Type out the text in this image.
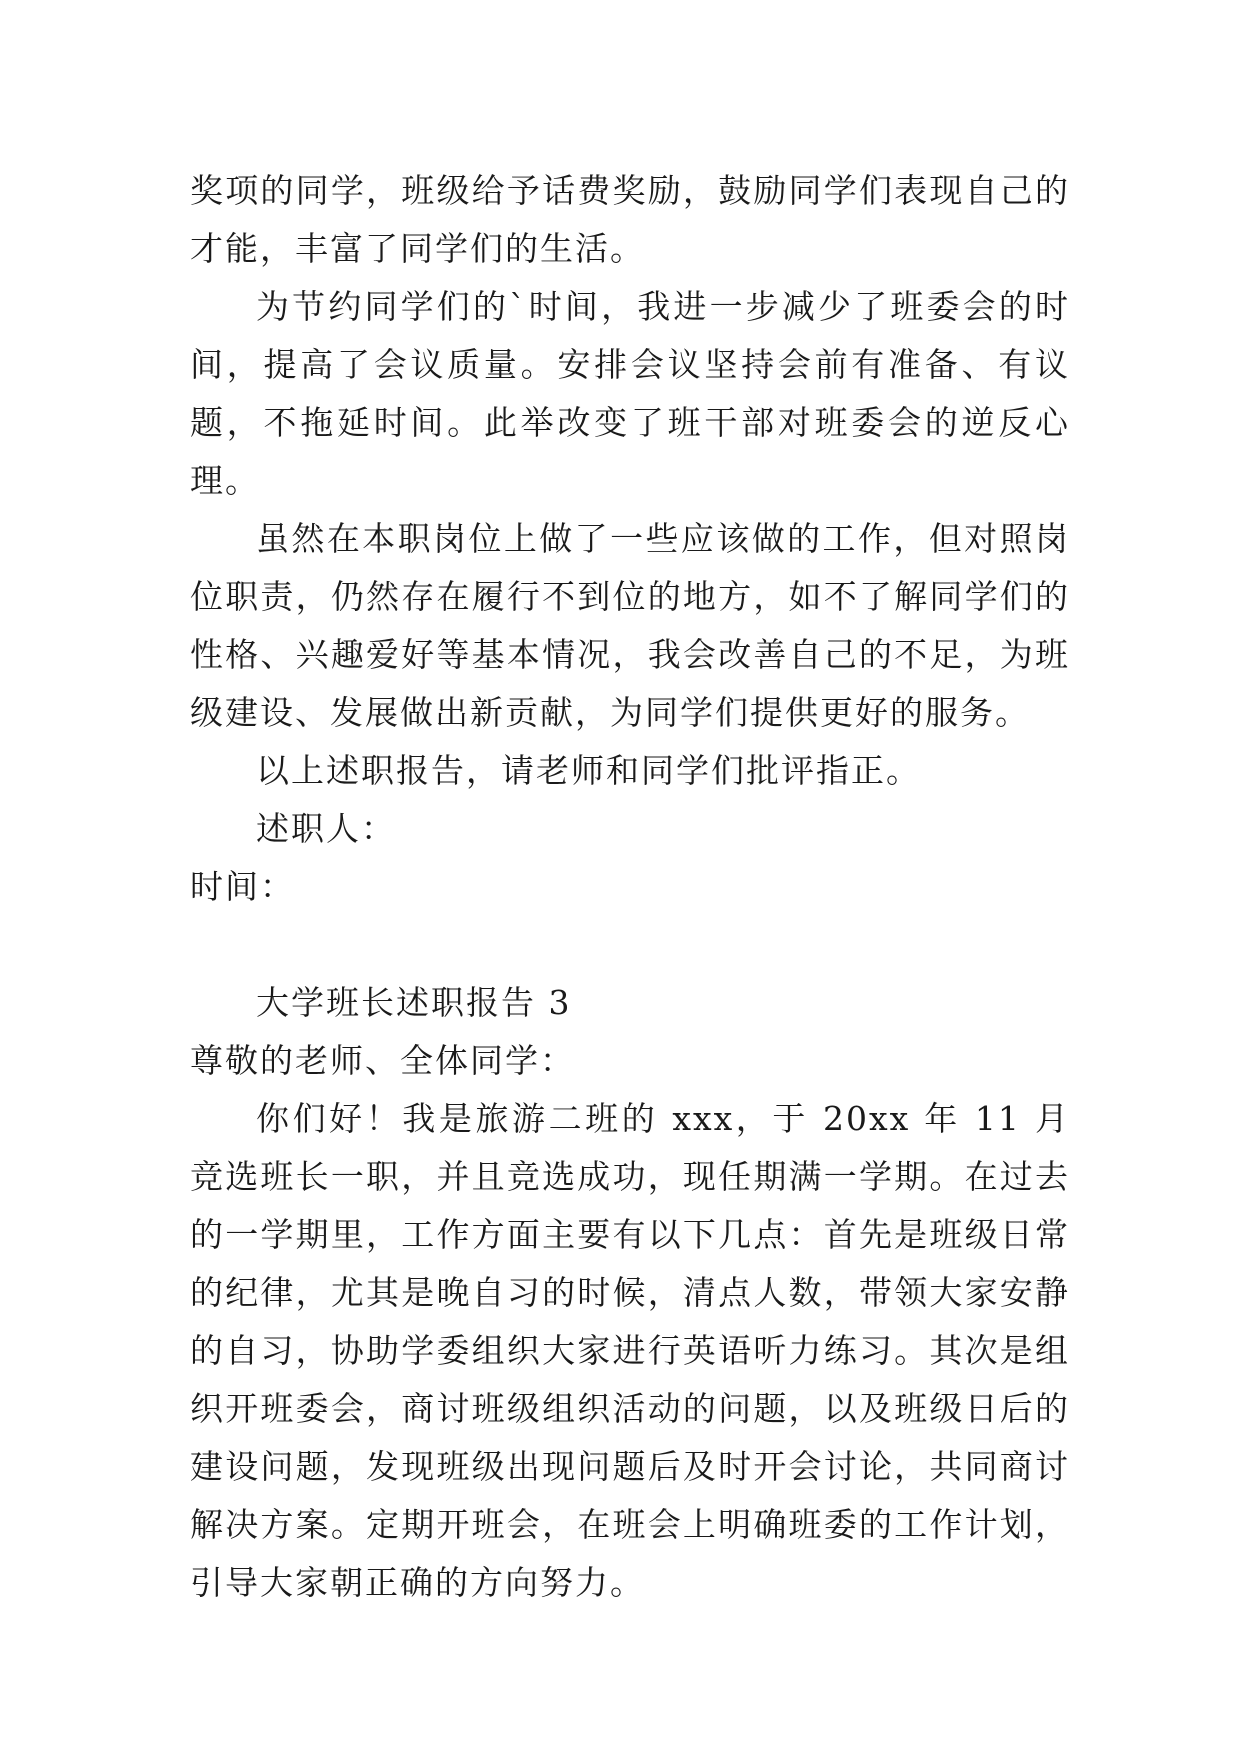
奖项的同学，班级给予话费奖励，鼓励同学们表现自己的才能，丰富了同学们的生活。

为节约同学们的`时间，我进一步减少了班委会的时间，提高了会议质量。安排会议坚持会前有准备、有议题，不拖延时间。此举改变了班干部对班委会的逆反心理。

虽然在本职岗位上做了一些应该做的工作，但对照岗位职责，仍然存在履行不到位的地方，如不了解同学们的性格、兴趣爱好等基本情况，我会改善自己的不足，为班级建设、发展做出新贡献，为同学们提供更好的服务。

以上述职报告，请老师和同学们批评指正。

述职人：

时间：

大学班长述职报告 3

尊敬的老师、全体同学：

你们好！我是旅游二班的 xxx，于 20xx 年 11 月竞选班长一职，并且竞选成功，现任期满一学期。在过去的一学期里，工作方面主要有以下几点：首先是班级日常的纪律，尤其是晚自习的时候，清点人数，带领大家安静的自习，协助学委组织大家进行英语听力练习。其次是组织开班委会，商讨班级组织活动的问题，以及班级日后的建设问题，发现班级出现问题后及时开会讨论，共同商讨解决方案。定期开班会，在班会上明确班委的工作计划，引导大家朝正确的方向努力。
